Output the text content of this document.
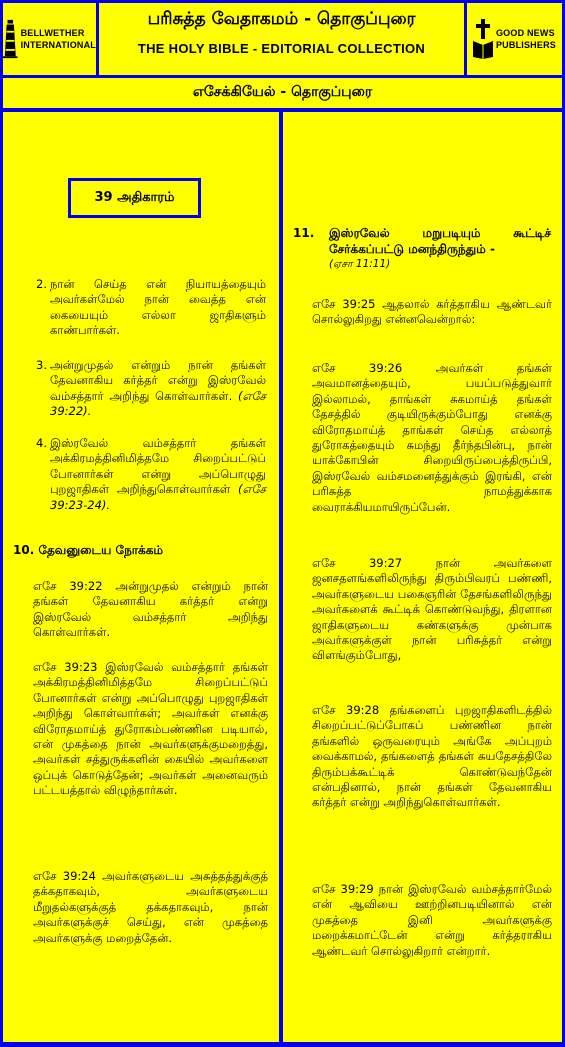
BELLWETHER
INTERNATIONAL
பரிசுத்த வேதாகமம் - தொகுப்புரை
THE HOLY BIBLE - EDITORIAL COLLECTION
GOOD NEWS
PUBLISHERS
எசேக்கியேல் - தொகுப்புரை
39 அதிகாரம்
2. நான் செய்த என் நியாயத்தையும் அவர்கள்மேல் நான் வைத்த என் கையையும் எல்லா ஜாதிகளும் காண்பார்கள்.
3. அன்றுமுதல் என்றும் நான் தங்கள் தேவனாகிய கர்த்தர் என்று இஸ்ரவேல் வம்சத்தார் அறிந்து கொள்வார்கள். (எசே 39:22).
4. இஸ்ரவேல் வம்சத்தார் தங்கள் அக்கிரமத்தினிமித்தமே சிறைப்பட்டுப் போனார்கள் என்று அப்பொழுது புறஜாதிகள் அறிந்துகொள்வார்கள் (எசே 39:23-24).
10. தேவனுடைய நோக்கம்
எசே 39:22 அன்றுமுதல் என்றும் நான் தங்கள் தேவனாகிய கர்த்தர் என்று இஸ்ரவேல் வம்சத்தார் அறிந்து கொள்வார்கள்.
எசே 39:23 இஸ்ரவேல் வம்சத்தார் தங்கள் அக்கிரமத்தினிமித்தமே சிறைப்பட்டுப் போனார்கள் என்று அப்பொழுது புறஜாதிகள் அறிந்து கொள்வார்கள்; அவர்கள் எனக்கு விரோதமாய்த் துரோகம்பண்ணின படியால், என் முகத்தை நான் அவர்களுக்குமறைத்து, அவர்கள் சத்துருக்களின் கையில் அவர்களை ஒப்புக் கொடுத்தேன்; அவர்கள் அனைவரும் பட்டயத்தால் விழுந்தார்கள்.
எசே 39:24 அவர்களுடைய அசுத்தத்துக்குத் தக்கதாகவும், அவர்களுடைய மீறுதல்களுக்குத் தக்கதாகவும், நான் அவர்களுக்குச் செய்து, என் முகத்தை அவர்களுக்கு மறைத்தேன்.
11.	இஸ்ரவேல் மறுபடியும் கூட்டிச் சேர்க்கப்பட்டு மனந்திருந்தும் -
(ஏசா 11:11)
எசே 39:25 ஆதலால் கர்த்தாகிய ஆண்டவர் சொல்லுகிறது என்னவென்றால்:
எசே 39:26	அவர்கள் தங்கள் அவமானத்தையும், பயப்படுத்துவார் இல்லாமல், தாங்கள் சுகமாய்த் தங்கள் தேசத்தில் குடியிருக்கும்போது எனக்கு விரோதமாய்த் தாங்கள் செய்த எல்லாத் துரோகத்தையும் சுமந்து தீர்ந்தபின்பு, நான் யாக்கோபின் சிறையிருப்பைத்திருப்பி, இஸ்ரவேல் வம்சமனைத்துக்கும் இரங்கி, என் பரிசுத்த நாமத்துக்காக வைராக்கியமாயிருப்பேன்.
எசே 39:27	நான் அவர்களை ஜனசதளங்களிலிருந்து திரும்பிவரப் பண்ணி, அவர்களுடைய பகைஞரின் தேசங்களிலிருந்து அவர்களைக் கூட்டிக் கொண்டுவந்து, திரளான ஜாதிகளுடைய கண்களுக்கு முன்பாக அவர்களுக்குள் நான் பரிசுத்தர் என்று விளங்கும்போது,
எசே 39:28 தங்களைப் புறஜாதிகளிடத்தில் சிறைப்பட்டுப்போகப் பண்ணின நான் தங்களில் ஒருவரையும் அங்கே அப்புறம் வைக்காமல், தங்களைத் தங்கள் சுயதேசத்திலே திரும்பக்கூட்டிக் கொண்டுவந்தேன் என்பதினால், நான் தங்கள் தேவனாகிய கர்த்தர் என்று அறிந்துகொள்வார்கள்.
எசே 39:29 நான் இஸ்ரவேல் வம்சத்தார்மேல் என் ஆவியை ஊற்றினபடியினால் என் முகத்தை இனி அவர்களுக்கு மறைக்கமாட்டேன் என்று கர்த்தராகிய ஆண்டவர் சொல்லுகிறார் என்றார்.
